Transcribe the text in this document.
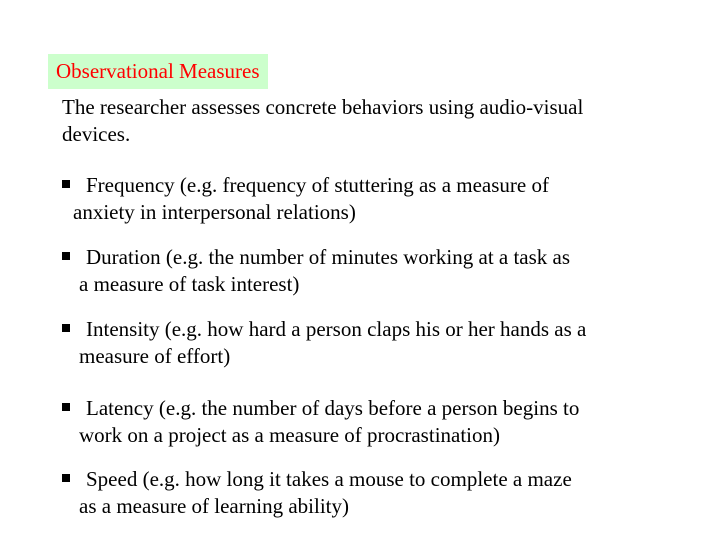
Observational Measures
The researcher assesses concrete behaviors using audio-visual
devices.
Frequency (e.g. frequency of stuttering as a measure of
anxiety in interpersonal relations)
Duration (e.g. the number of minutes working at a task as
a measure of task interest)
Intensity (e.g. how hard a person claps his or her hands as a
measure of effort)
Latency (e.g. the number of days before a person begins to
work on a project as a measure of procrastination)
Speed (e.g. how long it takes a mouse to complete a maze
as a measure of learning ability)
